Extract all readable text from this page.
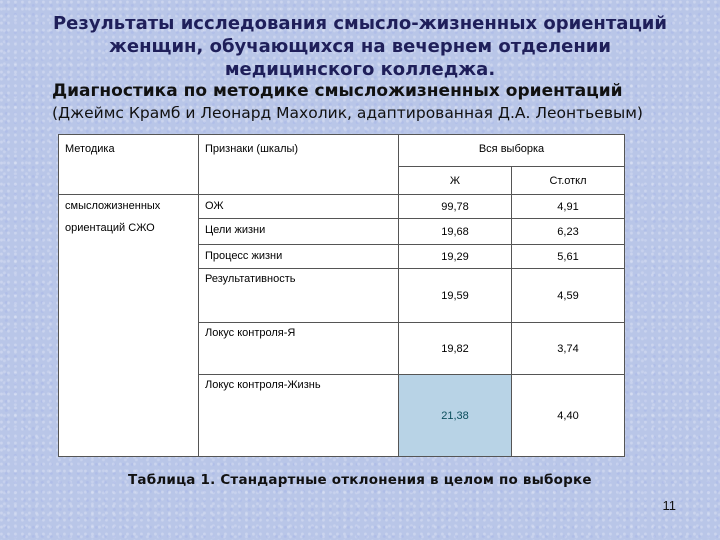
Результаты исследования смысло-жизненных ориентаций
женщин, обучающихся на вечернем отделении
медицинского колледжа.
Диагностика по методике смысложизненных ориентаций
(Джеймс Крамб и Леонард Махолик, адаптированная Д.А. Леонтьевым)
Методика	Признаки (шкалы)	Вся выборка	
		Ж	Ст.откл
смысложизненных	ОЖ	99,78	4,91
ориентаций СЖО	Цели жизни	19,68	6,23
	Процесс жизни	19,29	5,61
	Результативность	19,59	4,59
	Локус контроля-Я	19,82	3,74
	Локус контроля-Жизнь	21,38	4,40
Таблица 1. Стандартные отклонения в целом по выборке
11
